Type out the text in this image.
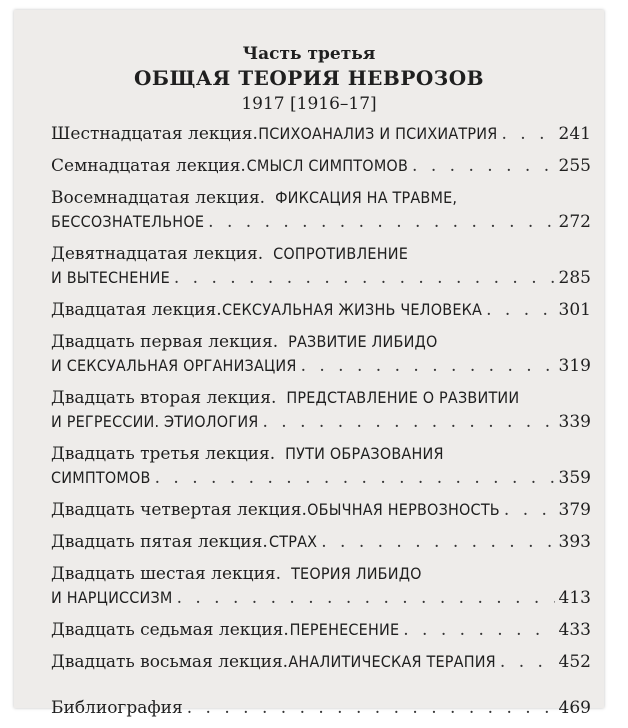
Часть третья
ОБЩАЯ ТЕОРИЯ НЕВРОЗОВ
1917 [1916–17]
Шестнадцатая лекция. ПСИХОАНАЛИЗ И ПСИХИАТРИЯ . . .	241
Семнадцатая лекция. СМЫСЛ СИМПТОМОВ . . .	255
Восемнадцатая лекция. ФИКСАЦИЯ НА ТРАВМЕ,
БЕССОЗНАТЕЛЬНОЕ . . .	272
Девятнадцатая лекция. СОПРОТИВЛЕНИЕ
И ВЫТЕСНЕНИЕ . . .	285
Двадцатая лекция. СЕКСУАЛЬНАЯ ЖИЗНЬ ЧЕЛОВЕКА . . .	301
Двадцать первая лекция. РАЗВИТИЕ ЛИБИДО
И СЕКСУАЛЬНАЯ ОРГАНИЗАЦИЯ . . .	319
Двадцать вторая лекция. ПРЕДСТАВЛЕНИЕ О РАЗВИТИИ
И РЕГРЕССИИ. ЭТИОЛОГИЯ . . .	339
Двадцать третья лекция. ПУТИ ОБРАЗОВАНИЯ
СИМПТОМОВ . . .	359
Двадцать четвертая лекция. ОБЫЧНАЯ НЕРВОЗНОСТЬ . . .	379
Двадцать пятая лекция. СТРАХ . . .	393
Двадцать шестая лекция. ТЕОРИЯ ЛИБИДО
И НАРЦИССИЗМ . . .	413
Двадцать седьмая лекция. ПЕРЕНЕСЕНИЕ . . .	433
Двадцать восьмая лекция. АНАЛИТИЧЕСКАЯ ТЕРАПИЯ . . .	452
Библиография . . .	469
